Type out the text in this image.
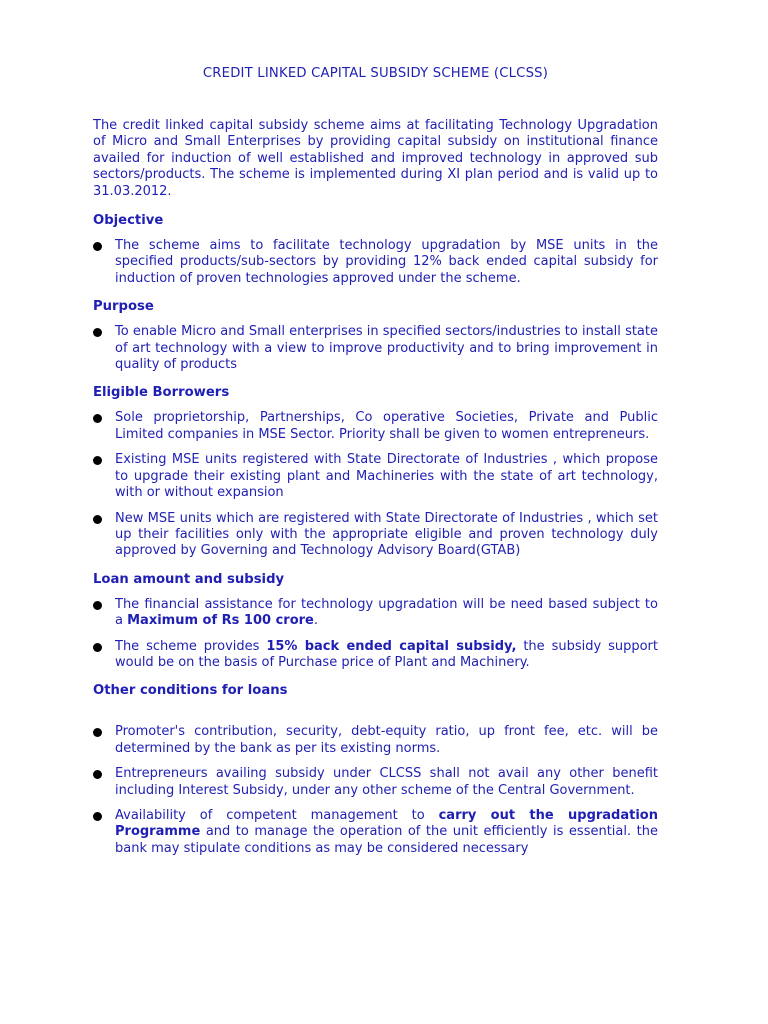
CREDIT LINKED CAPITAL SUBSIDY SCHEME (CLCSS)

The credit linked capital subsidy scheme aims at facilitating Technology Upgradation of Micro and Small Enterprises by providing capital subsidy on institutional finance availed for induction of well established and improved technology in approved sub sectors/products. The scheme is implemented during XI plan period and is valid up to 31.03.2012.

Objective
The scheme aims to facilitate technology upgradation by MSE units in the specified products/sub-sectors by providing 12% back ended capital subsidy for induction of proven technologies approved under the scheme.
Purpose
To enable Micro and Small enterprises in specified sectors/industries to install state of art technology with a view to improve productivity and to bring improvement in quality of products
Eligible Borrowers
Sole proprietorship, Partnerships, Co operative Societies, Private and Public Limited companies in MSE Sector. Priority shall be given to women entrepreneurs.
Existing MSE units registered with State Directorate of Industries , which propose to upgrade their existing plant and Machineries with the state of art technology, with or without expansion
New MSE units which are registered with State Directorate of Industries , which set up their facilities only with the appropriate eligible and proven technology duly approved by Governing and Technology Advisory Board(GTAB)
Loan amount and subsidy
The financial assistance for technology upgradation will be need based subject to a Maximum of Rs 100 crore.
The scheme provides 15% back ended capital subsidy, the subsidy support would be on the basis of Purchase price of Plant and Machinery.
Other conditions for loans
Promoter's contribution, security, debt-equity ratio, up front fee, etc. will be determined by the bank as per its existing norms.
Entrepreneurs availing subsidy under CLCSS shall not avail any other benefit including Interest Subsidy, under any other scheme of the Central Government.
Availability of competent management to carry out the upgradation Programme and to manage the operation of the unit efficiently is essential. the bank may stipulate conditions as may be considered necessary
